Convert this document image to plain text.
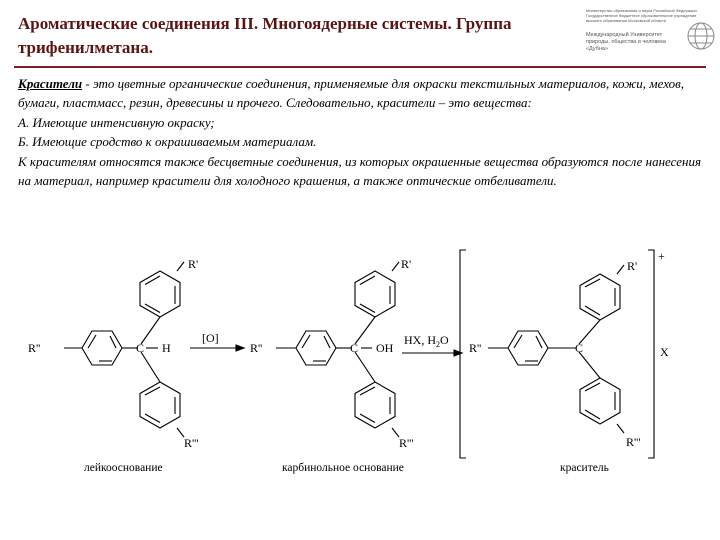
Ароматические соединения III. Многоядерные системы. Группа трифенилметана.
Министерство образования и науки Российской Федерации
Государственное бюджетное образовательное учреждение
высшего образования Московской области
Международный Университет
природы, общества и человека
«Дубна»

Красители - это цветные органические соединения, применяемые для окраски текстильных материалов, кожи, мехов, бумаги, пластмасс, резин, древесины и прочего. Следовательно, красители – это вещества:

А. Имеющие интенсивную окраску;

Б. Имеющие сродство к окрашиваемым материалам.

К красителям относятся также бесцветные соединения, из которых окрашенные вещества образуются после нанесения на материал, например красители для холодного крашения, а также оптические отбеливатели.

R'
R''	C H
R'''
[O]
R'
R''	C OH
R'''
HX, $H_2O$
R'
R''	C
R'''
+
X
лейкооснование	карбинольное основание	краситель
